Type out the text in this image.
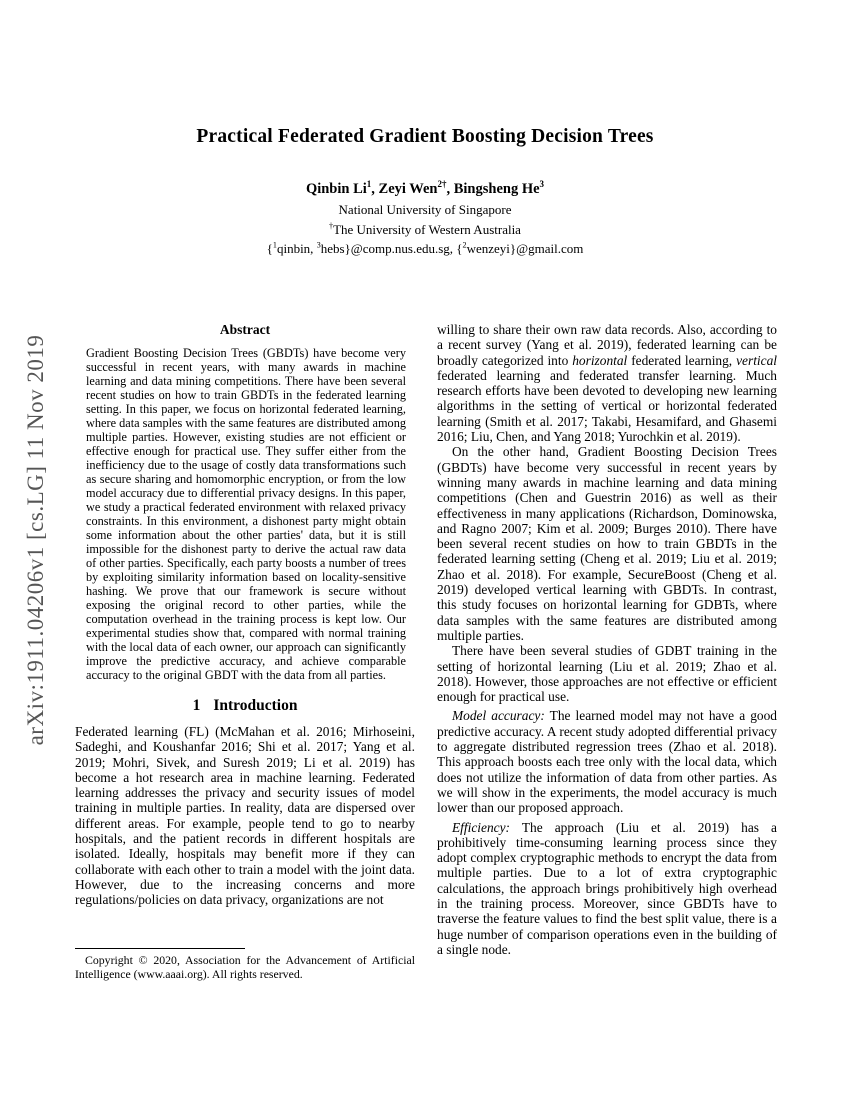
arXiv:1911.04206v1 [cs.LG] 11 Nov 2019
Practical Federated Gradient Boosting Decision Trees
Qinbin Li$^1$, Zeyi Wen$^{2\dagger}$, Bingsheng He$^3$
National University of Singapore
†The University of Western Australia
{$^1$qinbin, $^3$hebs}@comp.nus.edu.sg, {$^2$wenzeyi}@gmail.com
Abstract

Gradient Boosting Decision Trees (GBDTs) have become very successful in recent years, with many awards in machine learning and data mining competitions. There have been several recent studies on how to train GBDTs in the federated learning setting. In this paper, we focus on horizontal federated learning, where data samples with the same features are distributed among multiple parties. However, existing studies are not efficient or effective enough for practical use. They suffer either from the inefficiency due to the usage of costly data transformations such as secure sharing and homomorphic encryption, or from the low model accuracy due to differential privacy designs. In this paper, we study a practical federated environment with relaxed privacy constraints. In this environment, a dishonest party might obtain some information about the other parties' data, but it is still impossible for the dishonest party to derive the actual raw data of other parties. Specifically, each party boosts a number of trees by exploiting similarity information based on locality-sensitive hashing. We prove that our framework is secure without exposing the original record to other parties, while the computation overhead in the training process is kept low. Our experimental studies show that, compared with normal training with the local data of each owner, our approach can significantly improve the predictive accuracy, and achieve comparable accuracy to the original GBDT with the data from all parties.

1 Introduction

Federated learning (FL) (McMahan et al. 2016; Mirhoseini, Sadeghi, and Koushanfar 2016; Shi et al. 2017; Yang et al. 2019; Mohri, Sivek, and Suresh 2019; Li et al. 2019) has become a hot research area in machine learning. Federated learning addresses the privacy and security issues of model training in multiple parties. In reality, data are dispersed over different areas. For example, people tend to go to nearby hospitals, and the patient records in different hospitals are isolated. Ideally, hospitals may benefit more if they can collaborate with each other to train a model with the joint data. However, due to the increasing concerns and more regulations/policies on data privacy, organizations are not

willing to share their own raw data records. Also, according to a recent survey (Yang et al. 2019), federated learning can be broadly categorized into horizontal federated learning, vertical federated learning and federated transfer learning. Much research efforts have been devoted to developing new learning algorithms in the setting of vertical or horizontal federated learning (Smith et al. 2017; Takabi, Hesamifard, and Ghasemi 2016; Liu, Chen, and Yang 2018; Yurochkin et al. 2019).

On the other hand, Gradient Boosting Decision Trees (GBDTs) have become very successful in recent years by winning many awards in machine learning and data mining competitions (Chen and Guestrin 2016) as well as their effectiveness in many applications (Richardson, Dominowska, and Ragno 2007; Kim et al. 2009; Burges 2010). There have been several recent studies on how to train GBDTs in the federated learning setting (Cheng et al. 2019; Liu et al. 2019; Zhao et al. 2018). For example, SecureBoost (Cheng et al. 2019) developed vertical learning with GBDTs. In contrast, this study focuses on horizontal learning for GDBTs, where data samples with the same features are distributed among multiple parties.

There have been several studies of GDBT training in the setting of horizontal learning (Liu et al. 2019; Zhao et al. 2018). However, those approaches are not effective or efficient enough for practical use.

Model accuracy: The learned model may not have a good predictive accuracy. A recent study adopted differential privacy to aggregate distributed regression trees (Zhao et al. 2018). This approach boosts each tree only with the local data, which does not utilize the information of data from other parties. As we will show in the experiments, the model accuracy is much lower than our proposed approach.

Efficiency: The approach (Liu et al. 2019) has a prohibitively time-consuming learning process since they adopt complex cryptographic methods to encrypt the data from multiple parties. Due to a lot of extra cryptographic calculations, the approach brings prohibitively high overhead in the training process. Moreover, since GBDTs have to traverse the feature values to find the best split value, there is a huge number of comparison operations even in the building of a single node.

Copyright © 2020, Association for the Advancement of Artificial Intelligence (www.aaai.org). All rights reserved.
